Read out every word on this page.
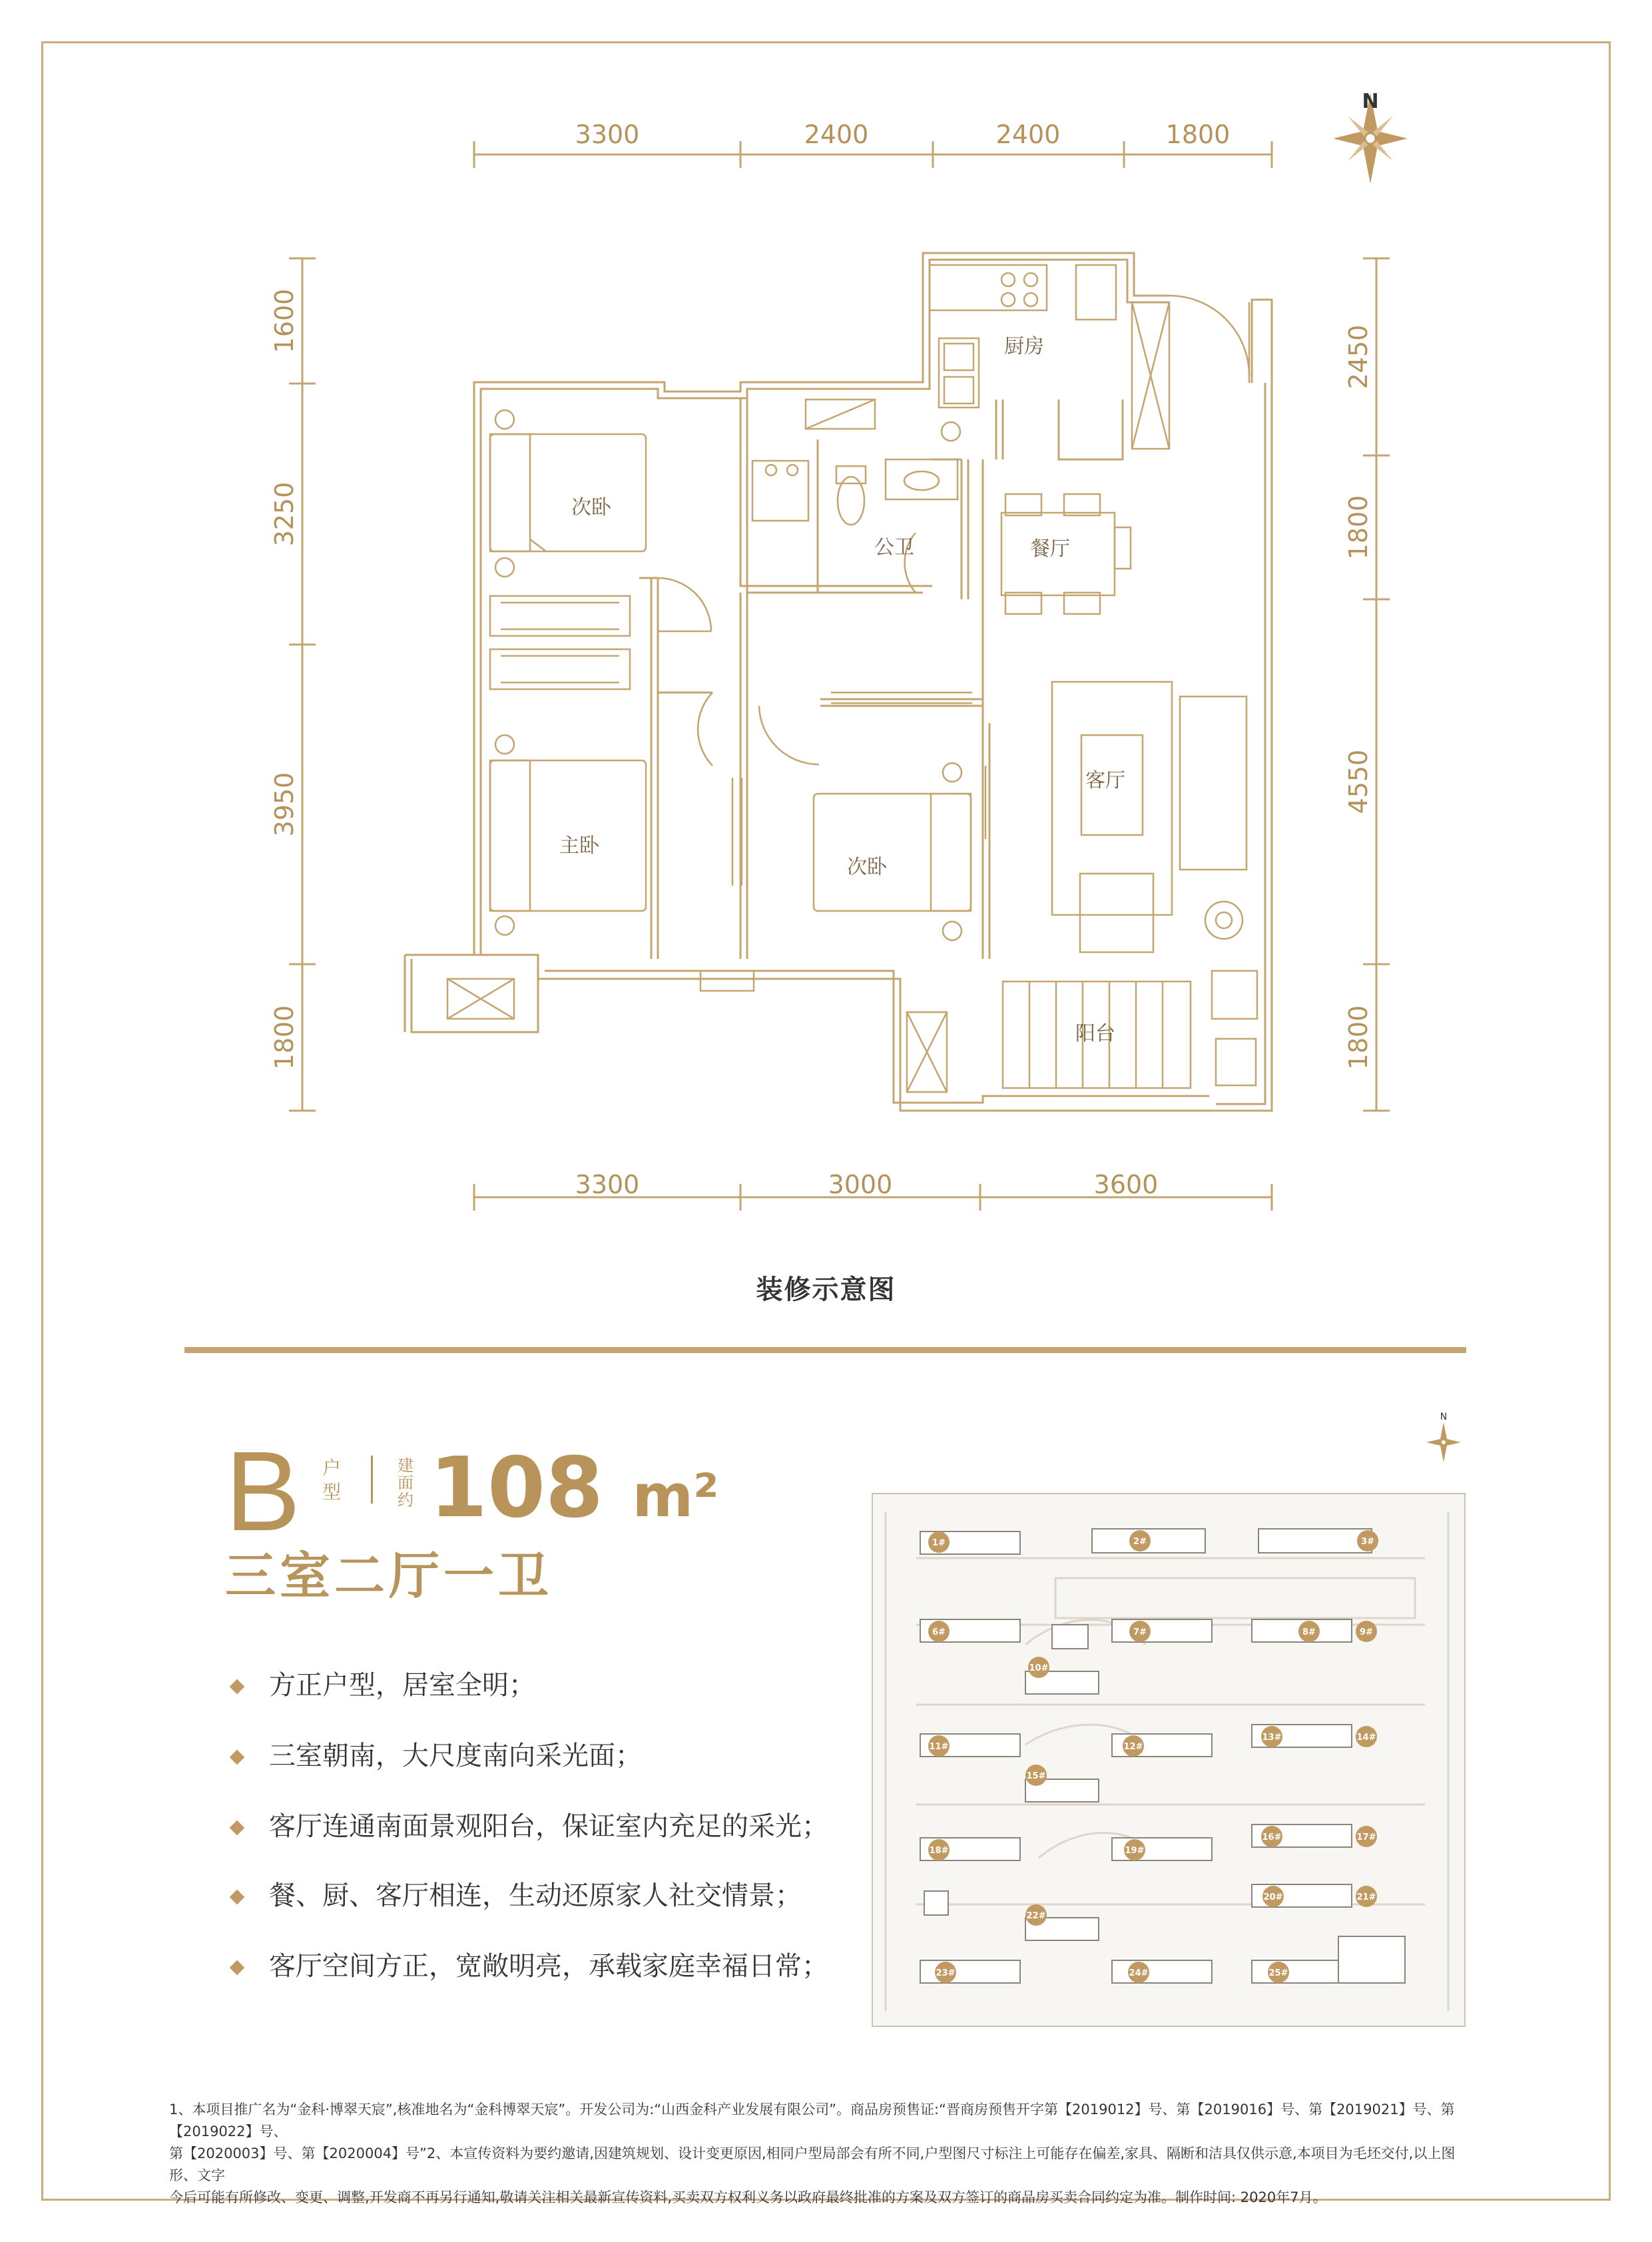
3300	2400	2400	1800
3300	3000	3600
1600
3250
3950
1800
2450
1800
4550
1800
N
厨房
次卧
公卫	餐厅
客厅
主卧
次卧
阳台
装修示意图
B 户
型
建
面
约 108 m²
三室二厅一卫
方正户型，居室全明；
三室朝南，大尺度南向采光面；
客厅连通南面景观阳台，保证室内充足的采光；
餐、厨、客厅相连，生动还原家人社交情景；
客厅空间方正，宽敞明亮，承载家庭幸福日常；
1#	2#	3#
6#	7#	8#	9#
10#
11#	12#
13#	14#
15#
16#	17#
18#	19#
20#	21#
22#
23#	24#	25#
N
1、本项目推广名为“金科·博翠天宸”,核准地名为“金科博翠天宸”。开发公司为:“山西金科产业发展有限公司”。商品房预售证:“晋商房预售开字第【2019012】号、第【2019016】号、第【2019021】号、第【2019022】号、
第【2020003】号、第【2020004】号”2、本宣传资料为要约邀请,因建筑规划、设计变更原因,相同户型局部会有所不同,户型图尺寸标注上可能存在偏差,家具、隔断和洁具仅供示意,本项目为毛坯交付,以上图形、文字
今后可能有所修改、变更、调整,开发商不再另行通知,敬请关注相关最新宣传资料,买卖双方权利义务以政府最终批准的方案及双方签订的商品房买卖合同约定为准。制作时间: 2020年7月。
